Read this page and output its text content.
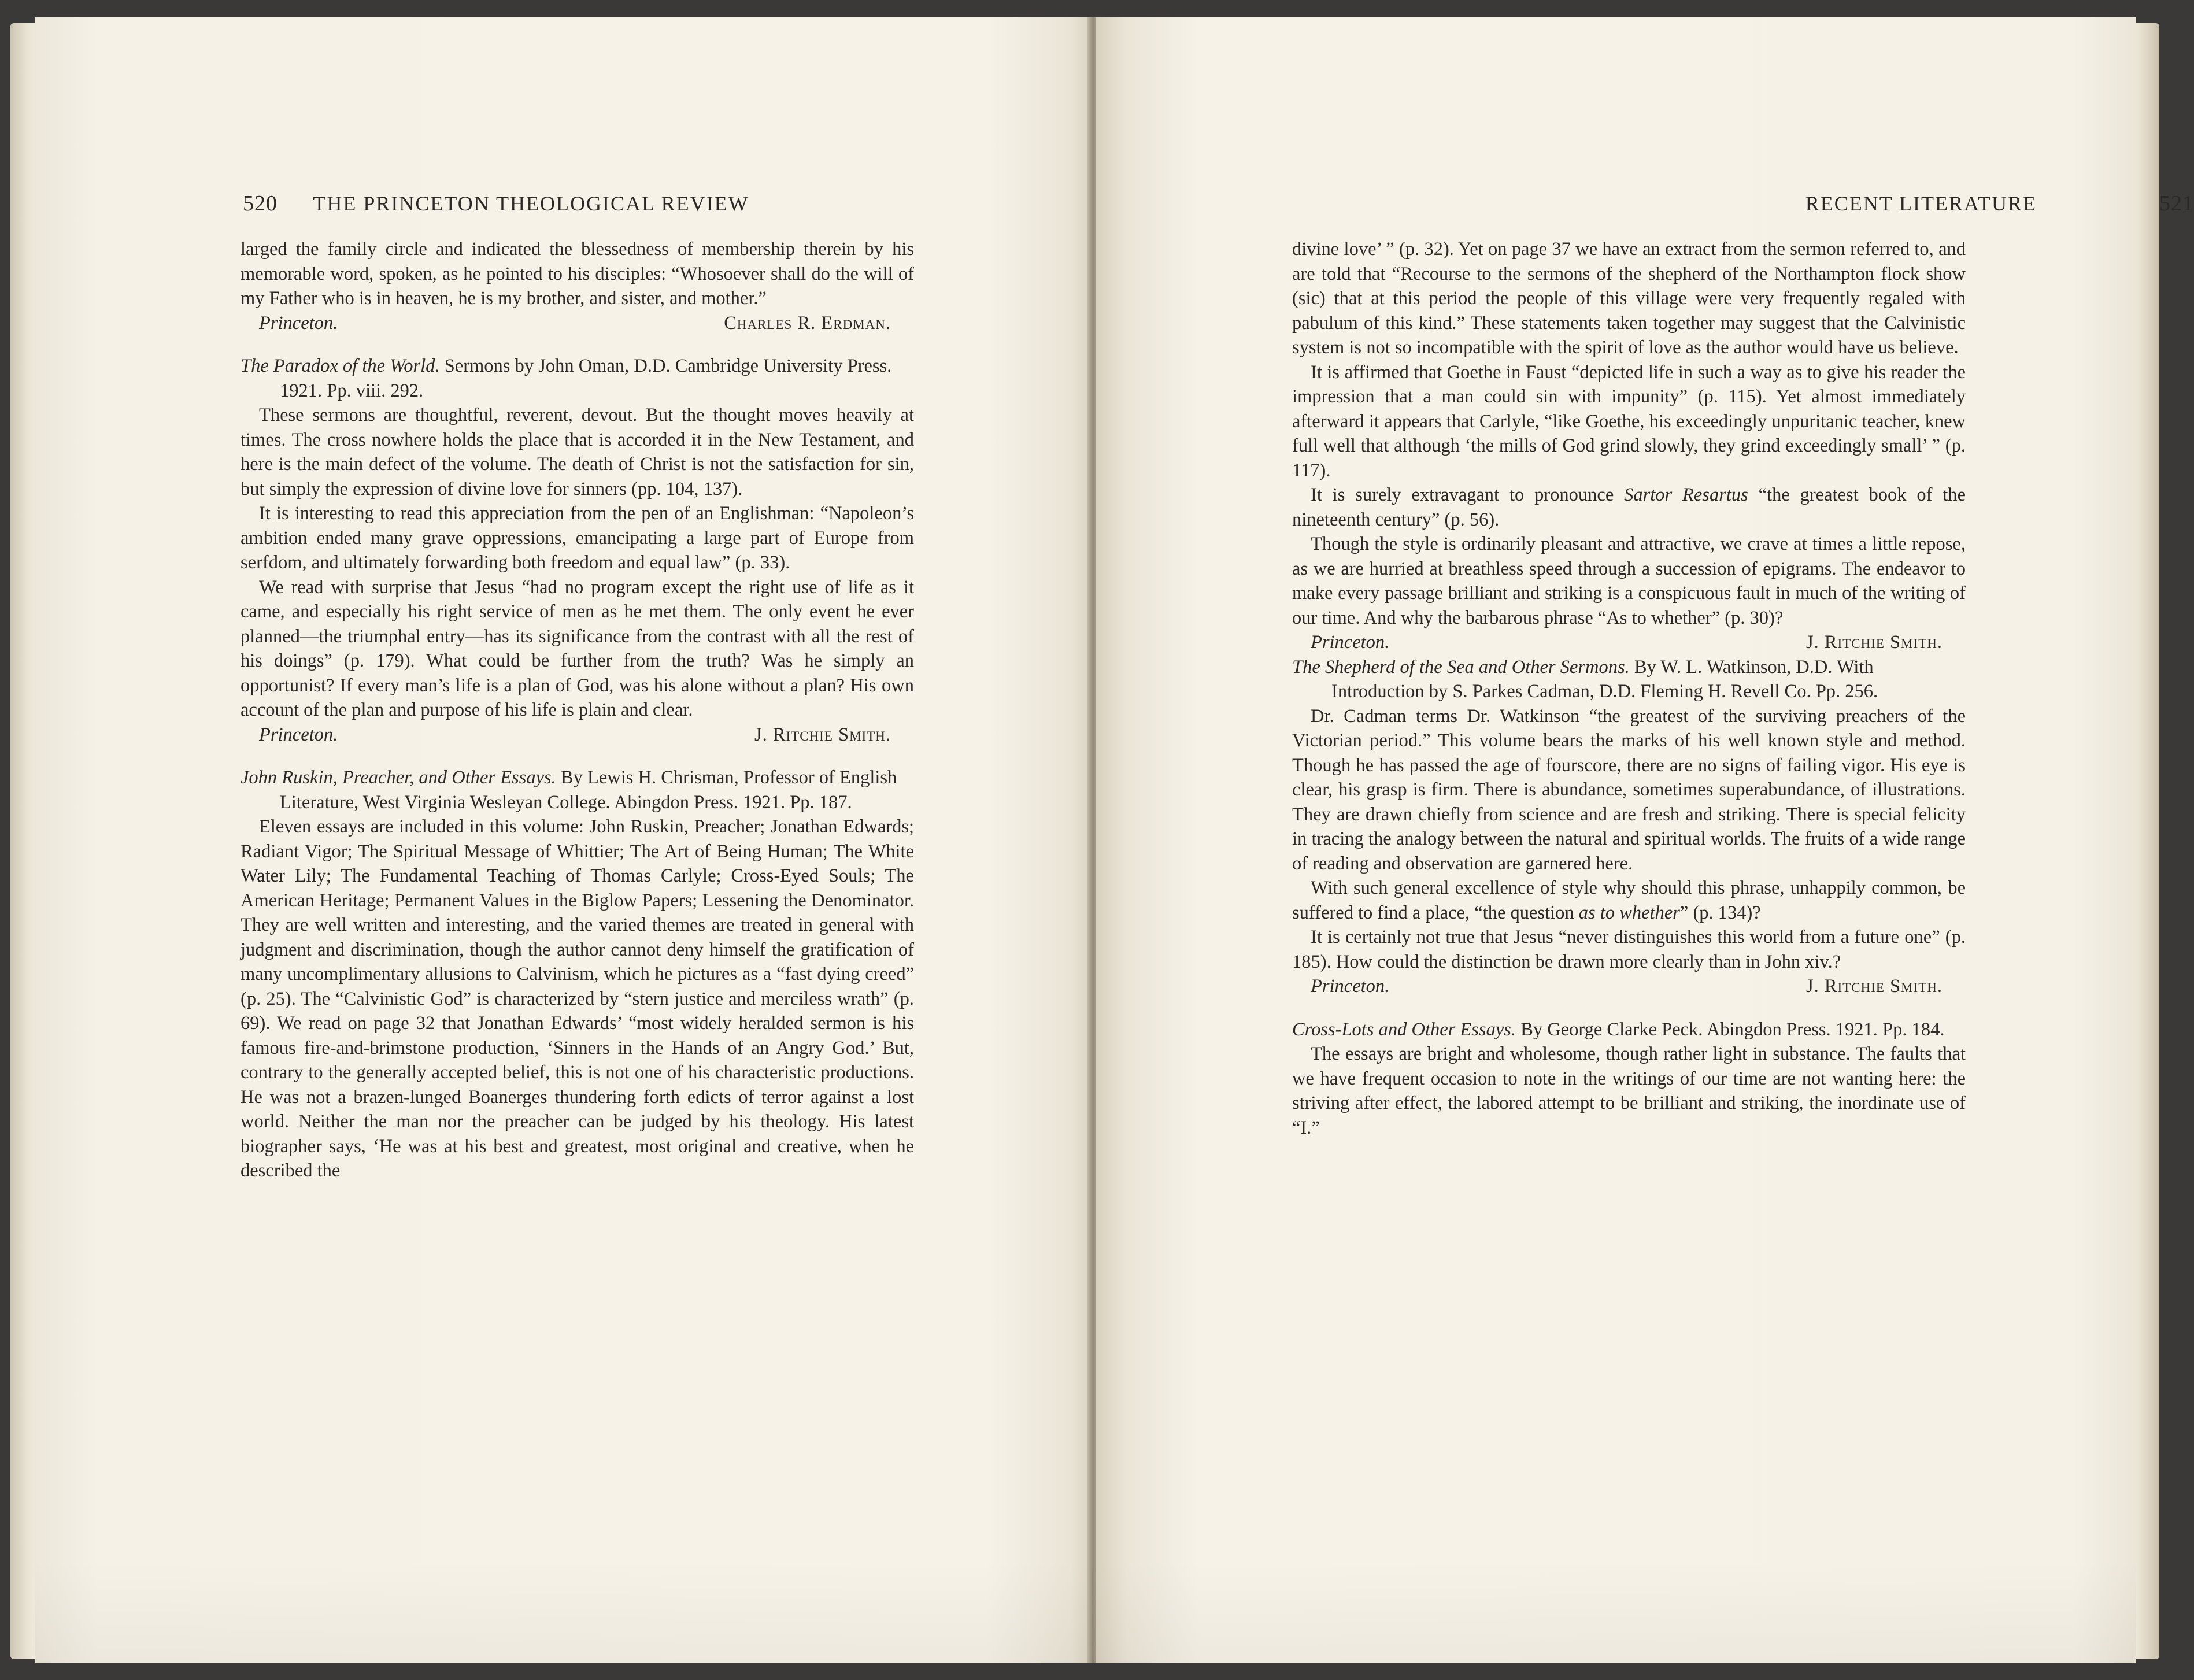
520 THE PRINCETON THEOLOGICAL REVIEW

larged the family circle and indicated the blessedness of membership therein by his memorable word, spoken, as he pointed to his disciples: “Whosoever shall do the will of my Father who is in heaven, he is my brother, and sister, and mother.”

Princeton.	Charles R. Erdman.

The Paradox of the World. Sermons by John Oman, D.D. Cambridge University Press. 1921. Pp. viii. 292.

These sermons are thoughtful, reverent, devout. But the thought moves heavily at times. The cross nowhere holds the place that is accorded it in the New Testament, and here is the main defect of the volume. The death of Christ is not the satisfaction for sin, but simply the expression of divine love for sinners (pp. 104, 137).

It is interesting to read this appreciation from the pen of an Englishman: “Napoleon’s ambition ended many grave oppressions, emancipating a large part of Europe from serfdom, and ultimately forwarding both freedom and equal law” (p. 33).

We read with surprise that Jesus “had no program except the right use of life as it came, and especially his right service of men as he met them. The only event he ever planned—the triumphal entry—has its significance from the contrast with all the rest of his doings” (p. 179). What could be further from the truth? Was he simply an opportunist? If every man’s life is a plan of God, was his alone without a plan? His own account of the plan and purpose of his life is plain and clear.

Princeton.	J. Ritchie Smith.

John Ruskin, Preacher, and Other Essays. By Lewis H. Chrisman, Professor of English Literature, West Virginia Wesleyan College. Abingdon Press. 1921. Pp. 187.

Eleven essays are included in this volume: John Ruskin, Preacher; Jonathan Edwards; Radiant Vigor; The Spiritual Message of Whittier; The Art of Being Human; The White Water Lily; The Fundamental Teaching of Thomas Carlyle; Cross-Eyed Souls; The American Heritage; Permanent Values in the Biglow Papers; Lessening the Denominator. They are well written and interesting, and the varied themes are treated in general with judgment and discrimination, though the author cannot deny himself the gratification of many uncomplimentary allusions to Calvinism, which he pictures as a “fast dying creed” (p. 25). The “Calvinistic God” is characterized by “stern justice and merciless wrath” (p. 69). We read on page 32 that Jonathan Edwards’ “most widely heralded sermon is his famous fire-and-brimstone production, ‘Sinners in the Hands of an Angry God.’ But, contrary to the generally accepted belief, this is not one of his characteristic productions. He was not a brazen-lunged Boanerges thundering forth edicts of terror against a lost world. Neither the man nor the preacher can be judged by his theology. His latest biographer says, ‘He was at his best and greatest, most original and creative, when he described the

RECENT LITERATURE	521

divine love’ ” (p. 32). Yet on page 37 we have an extract from the sermon referred to, and are told that “Recourse to the sermons of the shepherd of the Northampton flock show (sic) that at this period the people of this village were very frequently regaled with pabulum of this kind.” These statements taken together may suggest that the Calvinistic system is not so incompatible with the spirit of love as the author would have us believe.

It is affirmed that Goethe in Faust “depicted life in such a way as to give his reader the impression that a man could sin with impunity” (p. 115). Yet almost immediately afterward it appears that Carlyle, “like Goethe, his exceedingly unpuritanic teacher, knew full well that although ‘the mills of God grind slowly, they grind exceedingly small’ ” (p. 117).

It is surely extravagant to pronounce Sartor Resartus “the greatest book of the nineteenth century” (p. 56).

Though the style is ordinarily pleasant and attractive, we crave at times a little repose, as we are hurried at breathless speed through a succession of epigrams. The endeavor to make every passage brilliant and striking is a conspicuous fault in much of the writing of our time. And why the barbarous phrase “As to whether” (p. 30)?

Princeton.	J. Ritchie Smith.

The Shepherd of the Sea and Other Sermons. By W. L. Watkinson, D.D. With Introduction by S. Parkes Cadman, D.D. Fleming H. Revell Co. Pp. 256.

Dr. Cadman terms Dr. Watkinson “the greatest of the surviving preachers of the Victorian period.” This volume bears the marks of his well known style and method. Though he has passed the age of fourscore, there are no signs of failing vigor. His eye is clear, his grasp is firm. There is abundance, sometimes superabundance, of illustrations. They are drawn chiefly from science and are fresh and striking. There is special felicity in tracing the analogy between the natural and spiritual worlds. The fruits of a wide range of reading and observation are garnered here.

With such general excellence of style why should this phrase, unhappily common, be suffered to find a place, “the question as to whether” (p. 134)?

It is certainly not true that Jesus “never distinguishes this world from a future one” (p. 185). How could the distinction be drawn more clearly than in John xiv.?

Princeton.	J. Ritchie Smith.

Cross-Lots and Other Essays. By George Clarke Peck. Abingdon Press. 1921. Pp. 184.

The essays are bright and wholesome, though rather light in substance. The faults that we have frequent occasion to note in the writings of our time are not wanting here: the striving after effect, the labored attempt to be brilliant and striking, the inordinate use of “I.”
